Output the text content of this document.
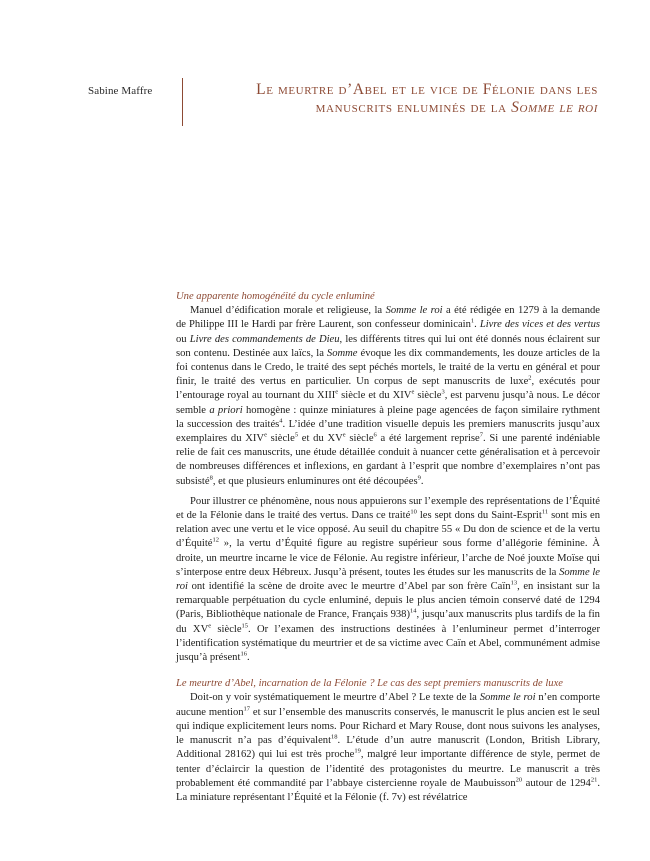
Sabine Maffre	Le meurtre d’Abel et le vice de Félonie dans les manuscrits enluminés de la Somme le roi
Une apparente homogénéité du cycle enluminé

Manuel d’édification morale et religieuse, la Somme le roi a été rédigée en 1279 à la demande de Philippe III le Hardi par frère Laurent, son confesseur dominicain$^1$. Livre des vices et des vertus ou Livre des commandements de Dieu, les différents titres qui lui ont été donnés nous éclairent sur son contenu. Destinée aux laïcs, la Somme évoque les dix commandements, les douze articles de la foi contenus dans le Credo, le traité des sept péchés mortels, le traité de la vertu en général et pour finir, le traité des vertus en particulier. Un corpus de sept manuscrits de luxe$^2$, exécutés pour l’entourage royal au tournant du XIIIe siècle et du XIVe siècle$^3$, est parvenu jusqu’à nous. Le décor semble a priori homogène : quinze miniatures à pleine page agencées de façon similaire rythment la succession des traités$^4$. L’idée d’une tradition visuelle depuis les premiers manuscrits jusqu’aux exemplaires du XIVe siècle$^5$ et du XVe siècle$^6$ a été largement reprise$^7$. Si une parenté indéniable relie de fait ces manuscrits, une étude détaillée conduit à nuancer cette généralisation et à percevoir de nombreuses différences et inflexions, en gardant à l’esprit que nombre d’exemplaires n’ont pas subsisté$^8$, et que plusieurs enluminures ont été découpées$^9$.

Pour illustrer ce phénomène, nous nous appuierons sur l’exemple des représentations de l’Équité et de la Félonie dans le traité des vertus. Dans ce traité$^{10}$ les sept dons du Saint-Esprit$^{11}$ sont mis en relation avec une vertu et le vice opposé. Au seuil du chapitre 55 « Du don de science et de la vertu d’Équité$^{12}$ », la vertu d’Équité figure au registre supérieur sous forme d’allégorie féminine. À droite, un meurtre incarne le vice de Félonie. Au registre inférieur, l’arche de Noé jouxte Moïse qui s’interpose entre deux Hébreux. Jusqu’à présent, toutes les études sur les manuscrits de la Somme le roi ont identifié la scène de droite avec le meurtre d’Abel par son frère Caïn$^{13}$, en insistant sur la remarquable perpétuation du cycle enluminé, depuis le plus ancien témoin conservé daté de 1294 (Paris, Bibliothèque nationale de France, Français 938)$^{14}$, jusqu’aux manuscrits plus tardifs de la fin du XVe siècle$^{15}$. Or l’examen des instructions destinées à l’enlumineur permet d’interroger l’identification systématique du meurtrier et de sa victime avec Caïn et Abel, communément admise jusqu’à présent$^{16}$.

Le meurtre d’Abel, incarnation de la Félonie ? Le cas des sept premiers manuscrits de luxe

Doit-on y voir systématiquement le meurtre d’Abel ? Le texte de la Somme le roi n’en comporte aucune mention$^{17}$ et sur l’ensemble des manuscrits conservés, le manuscrit le plus ancien est le seul qui indique explicitement leurs noms. Pour Richard et Mary Rouse, dont nous suivons les analyses, le manuscrit n’a pas d’équivalent$^{18}$. L’étude d’un autre manuscrit (London, British Library, Additional 28162) qui lui est très proche$^{19}$, malgré leur importante différence de style, permet de tenter d’éclaircir la question de l’identité des protagonistes du meurtre. Le manuscrit a très probablement été commandité par l’abbaye cistercienne royale de Maubuisson$^{20}$ autour de 1294$^{21}$. La miniature représentant l’Équité et la Félonie (f. 7v) est révélatrice
